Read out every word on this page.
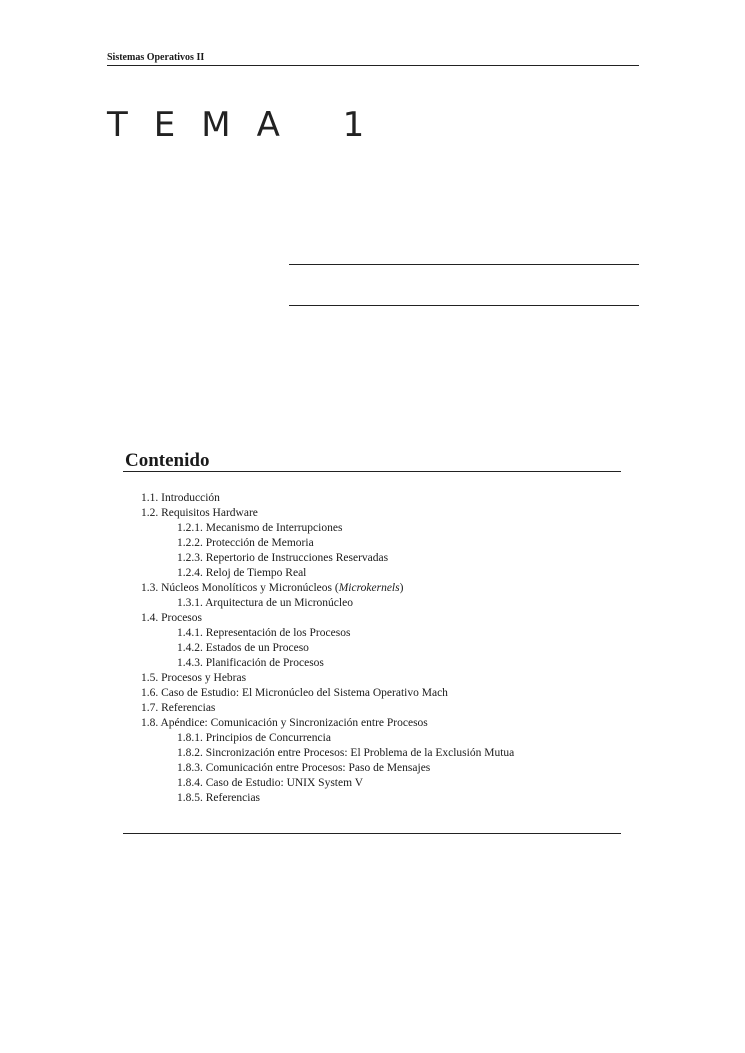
Sistemas Operativos II
TEMA 1
Contenido
1.1. Introducción
1.2. Requisitos Hardware
1.2.1. Mecanismo de Interrupciones
1.2.2. Protección de Memoria
1.2.3. Repertorio de Instrucciones Reservadas
1.2.4. Reloj de Tiempo Real
1.3. Núcleos Monolíticos y Micronúcleos (Microkernels)
1.3.1. Arquitectura de un Micronúcleo
1.4. Procesos
1.4.1. Representación de los Procesos
1.4.2. Estados de un Proceso
1.4.3. Planificación de Procesos
1.5. Procesos y Hebras
1.6. Caso de Estudio: El Micronúcleo del Sistema Operativo Mach
1.7. Referencias
1.8. Apéndice: Comunicación y Sincronización entre Procesos
1.8.1. Principios de Concurrencia
1.8.2. Sincronización entre Procesos: El Problema de la Exclusión Mutua
1.8.3. Comunicación entre Procesos: Paso de Mensajes
1.8.4. Caso de Estudio: UNIX System V
1.8.5. Referencias
